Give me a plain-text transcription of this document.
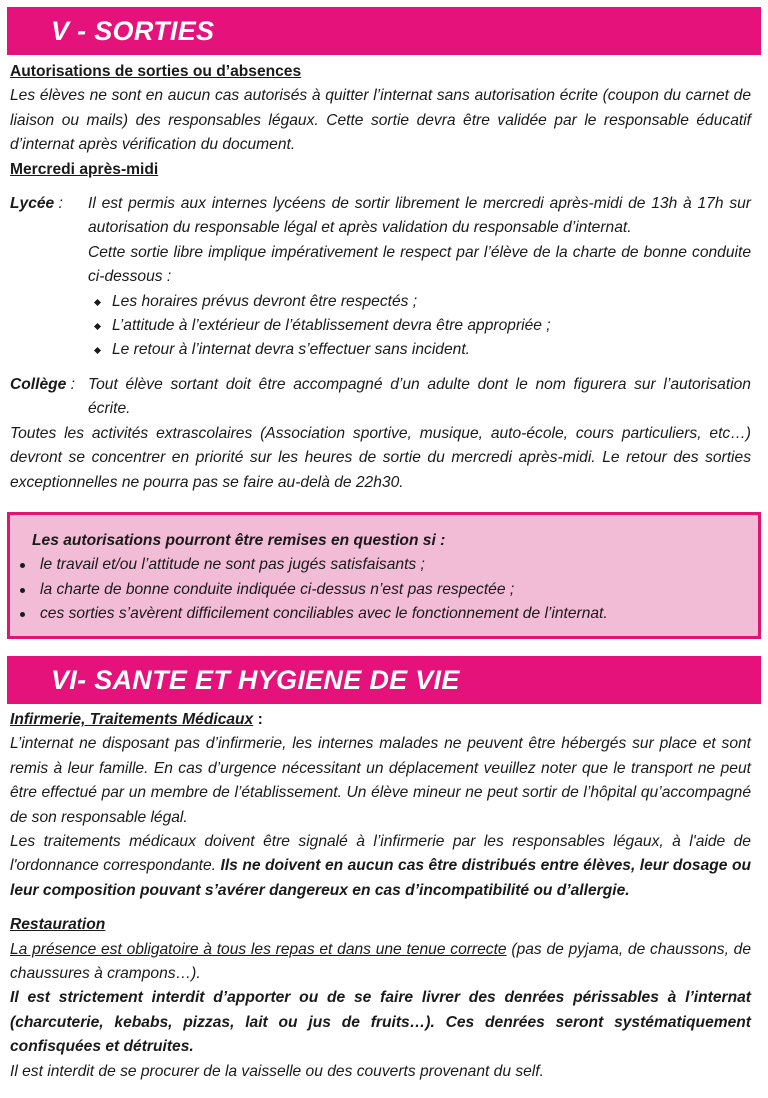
V - SORTIES

Autorisations de sorties ou d’absences

Les élèves ne sont en aucun cas autorisés à quitter l’internat sans autorisation écrite (coupon du carnet de liaison ou mails) des responsables légaux. Cette sortie devra être validée par le responsable éducatif d’internat après vérification du document.

Mercredi après-midi

Lycée :	Il est permis aux internes lycéens de sortir librement le mercredi après-midi de 13h à 17h sur autorisation du responsable légal et après validation du responsable d’internat.

Cette sortie libre implique impérativement le respect par l’élève de la charte de bonne conduite ci-dessous :

Les horaires prévus devront être respectés ;
L’attitude à l’extérieur de l’établissement devra être appropriée ;
Le retour à l’internat devra s’effectuer sans incident.
Collège : Tout élève sortant doit être accompagné d’un adulte dont le nom figurera sur l’autorisation écrite.

Toutes les activités extrascolaires (Association sportive, musique, auto-école, cours particuliers, etc…) devront se concentrer en priorité sur les heures de sortie du mercredi après-midi. Le retour des sorties exceptionnelles ne pourra pas se faire au-delà de 22h30.

Les autorisations pourront être remises en question si :

le travail et/ou l’attitude ne sont pas jugés satisfaisants ;
la charte de bonne conduite indiquée ci-dessus n’est pas respectée ;
ces sorties s’avèrent difficilement conciliables avec le fonctionnement de l’internat.
VI- SANTE ET HYGIENE DE VIE

Infirmerie, Traitements Médicaux :

L’internat ne disposant pas d’infirmerie, les internes malades ne peuvent être hébergés sur place et sont remis à leur famille. En cas d’urgence nécessitant un déplacement veuillez noter que le transport ne peut être effectué par un membre de l’établissement. Un élève mineur ne peut sortir de l’hôpital qu’accompagné de son responsable légal.

Les traitements médicaux doivent être signalé à l’infirmerie par les responsables légaux, à l'aide de l'ordonnance correspondante. Ils ne doivent en aucun cas être distribués entre élèves, leur dosage ou leur composition pouvant s’avérer dangereux en cas d’incompatibilité ou d’allergie.

Restauration

La présence est obligatoire à tous les repas et dans une tenue correcte (pas de pyjama, de chaussons, de chaussures à crampons…).

Il est strictement interdit d’apporter ou de se faire livrer des denrées périssables à l’internat (charcuterie, kebabs, pizzas, lait ou jus de fruits…). Ces denrées seront systématiquement confisquées et détruites.

Il est interdit de se procurer de la vaisselle ou des couverts provenant du self.
